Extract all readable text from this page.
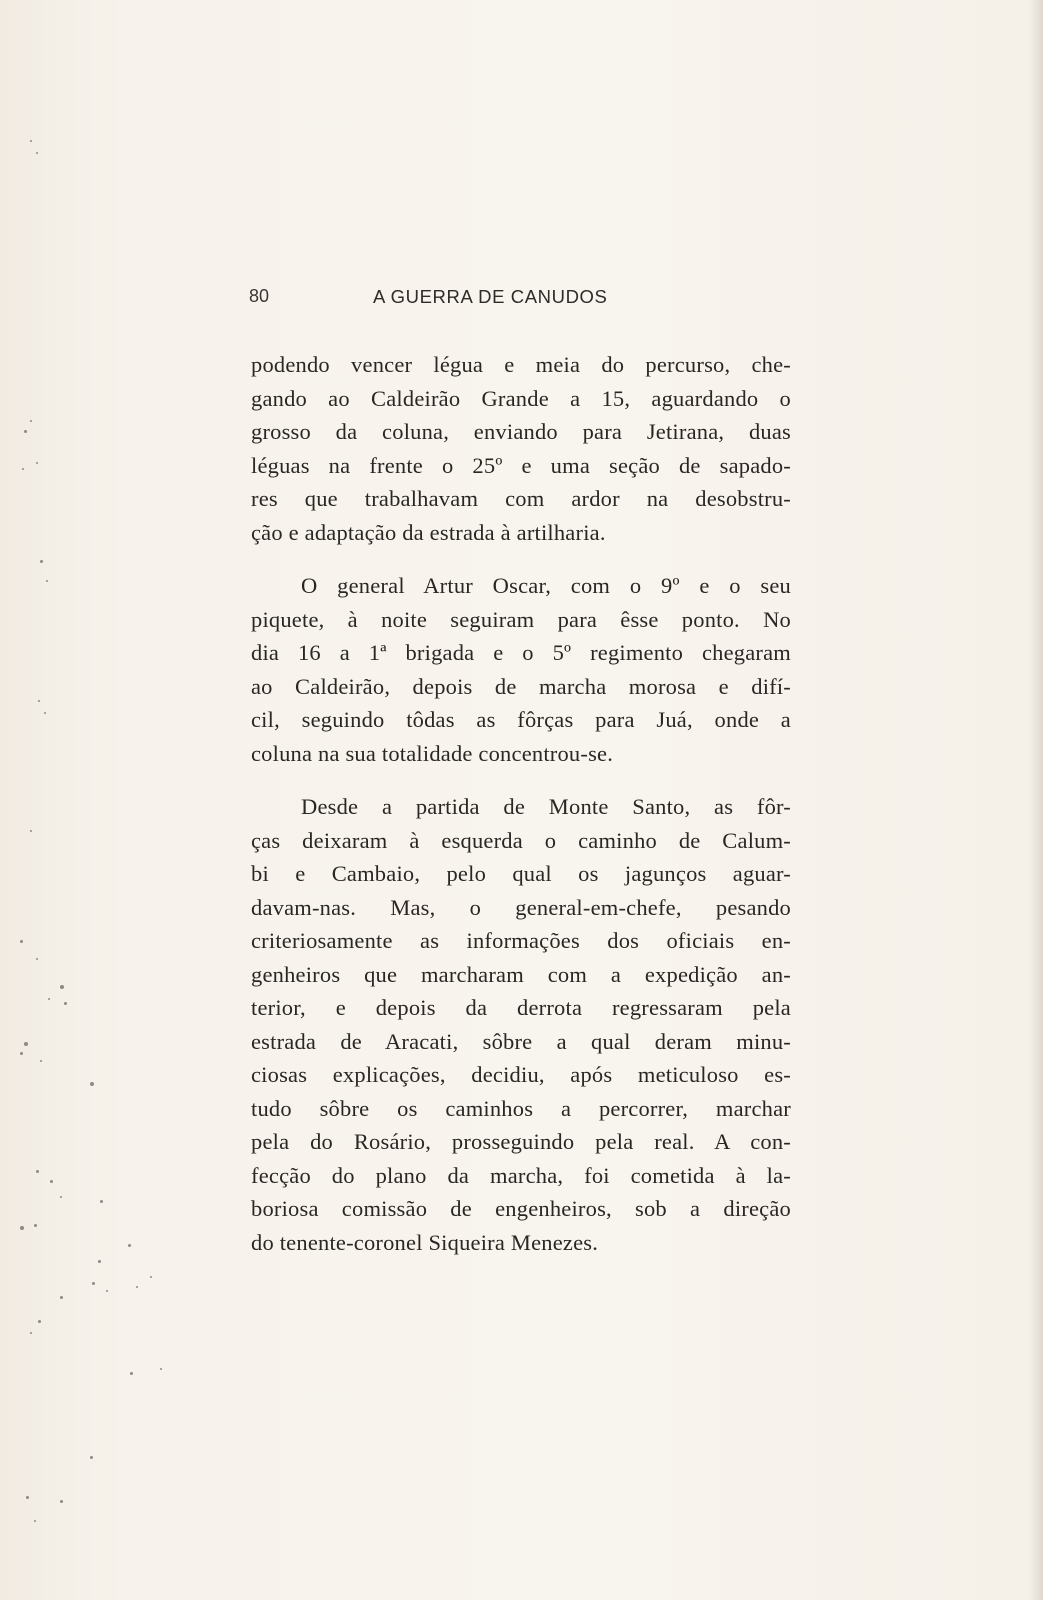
80	A GUERRA DE CANUDOS
podendo vencer légua e meia do percurso, che-
gando ao Caldeirão Grande a 15, aguardando o
grosso da coluna, enviando para Jetirana, duas
léguas na frente o 25º e uma seção de sapado-
res que trabalhavam com ardor na desobstru-
ção e adaptação da estrada à artilharia.
O general Artur Oscar, com o 9º e o seu
piquete, à noite seguiram para êsse ponto. No
dia 16 a 1ª brigada e o 5º regimento chegaram
ao Caldeirão, depois de marcha morosa e difí-
cil, seguindo tôdas as fôrças para Juá, onde a
coluna na sua totalidade concentrou-se.
Desde a partida de Monte Santo, as fôr-
ças deixaram à esquerda o caminho de Calum-
bi e Cambaio, pelo qual os jagunços aguar-
davam-nas. Mas, o general-em-chefe, pesando
criteriosamente as informações dos oficiais en-
genheiros que marcharam com a expedição an-
terior, e depois da derrota regressaram pela
estrada de Aracati, sôbre a qual deram minu-
ciosas explicações, decidiu, após meticuloso es-
tudo sôbre os caminhos a percorrer, marchar
pela do Rosário, prosseguindo pela real. A con-
fecção do plano da marcha, foi cometida à la-
boriosa comissão de engenheiros, sob a direção
do tenente-coronel Siqueira Menezes.
